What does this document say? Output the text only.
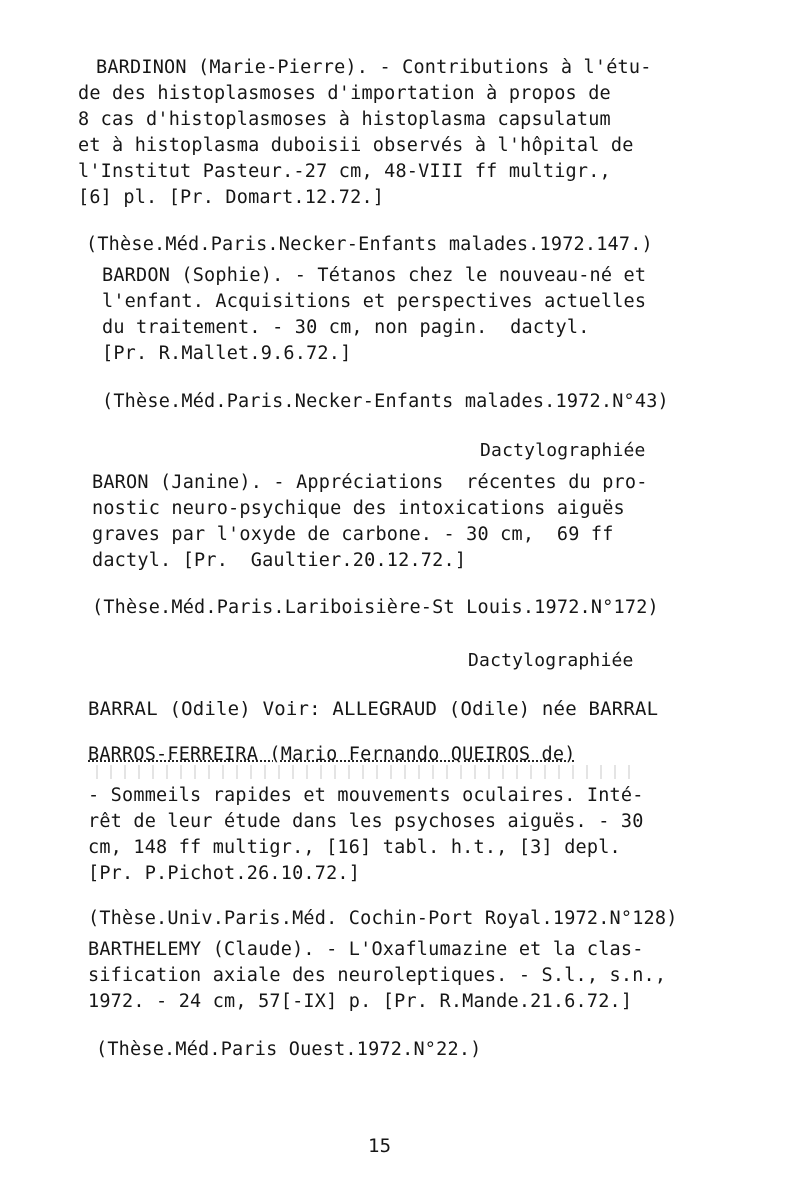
BARDINON (Marie-Pierre). - Contributions à l'étu-
de des histoplasmoses d'importation à propos de
8 cas d'histoplasmoses à histoplasma capsulatum
et à histoplasma duboisii observés à l'hôpital de
l'Institut Pasteur.-27 cm, 48-VIII ff multigr.,
[6] pl. [Pr. Domart.12.72.]
(Thèse.Méd.Paris.Necker-Enfants malades.1972.147.)
BARDON (Sophie). - Tétanos chez le nouveau-né et
l'enfant. Acquisitions et perspectives actuelles
du traitement. - 30 cm, non pagin.  dactyl.
[Pr. R.Mallet.9.6.72.]
(Thèse.Méd.Paris.Necker-Enfants malades.1972.N°43)
Dactylographiée
BARON (Janine). - Appréciations  récentes du pro-
nostic neuro-psychique des intoxications aiguës
graves par l'oxyde de carbone. - 30 cm,  69 ff
dactyl. [Pr.  Gaultier.20.12.72.]
(Thèse.Méd.Paris.Lariboisière-St Louis.1972.N°172)
Dactylographiée
BARRAL (Odile) Voir: ALLEGRAUD (Odile) née BARRAL
BARROS-FERREIRA (Mario Fernando QUEIROS de)
- Sommeils rapides et mouvements oculaires. Inté-
rêt de leur étude dans les psychoses aiguës. - 30
cm, 148 ff multigr., [16] tabl. h.t., [3] depl.
[Pr. P.Pichot.26.10.72.]
(Thèse.Univ.Paris.Méd. Cochin-Port Royal.1972.N°128)
BARTHELEMY (Claude). - L'Oxaflumazine et la clas-
sification axiale des neuroleptiques. - S.l., s.n.,
1972. - 24 cm, 57[-IX] p. [Pr. R.Mande.21.6.72.]
(Thèse.Méd.Paris Ouest.1972.N°22.)
15
